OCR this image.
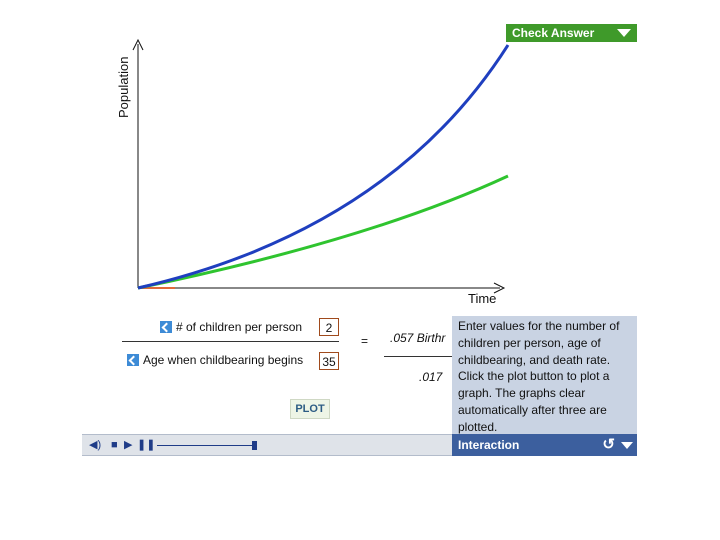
Check Answer
Population
Time
# of children per person	2
Age when childbearing begins 35
= .057 Birthr
.017
PLOT
Enter values for the number of children per person, age of childbearing, and death rate. Click the plot button to plot a graph. The graphs clear automatically after three are plotted.
◀) ■ ▶ ❚❚	Interaction	↺
